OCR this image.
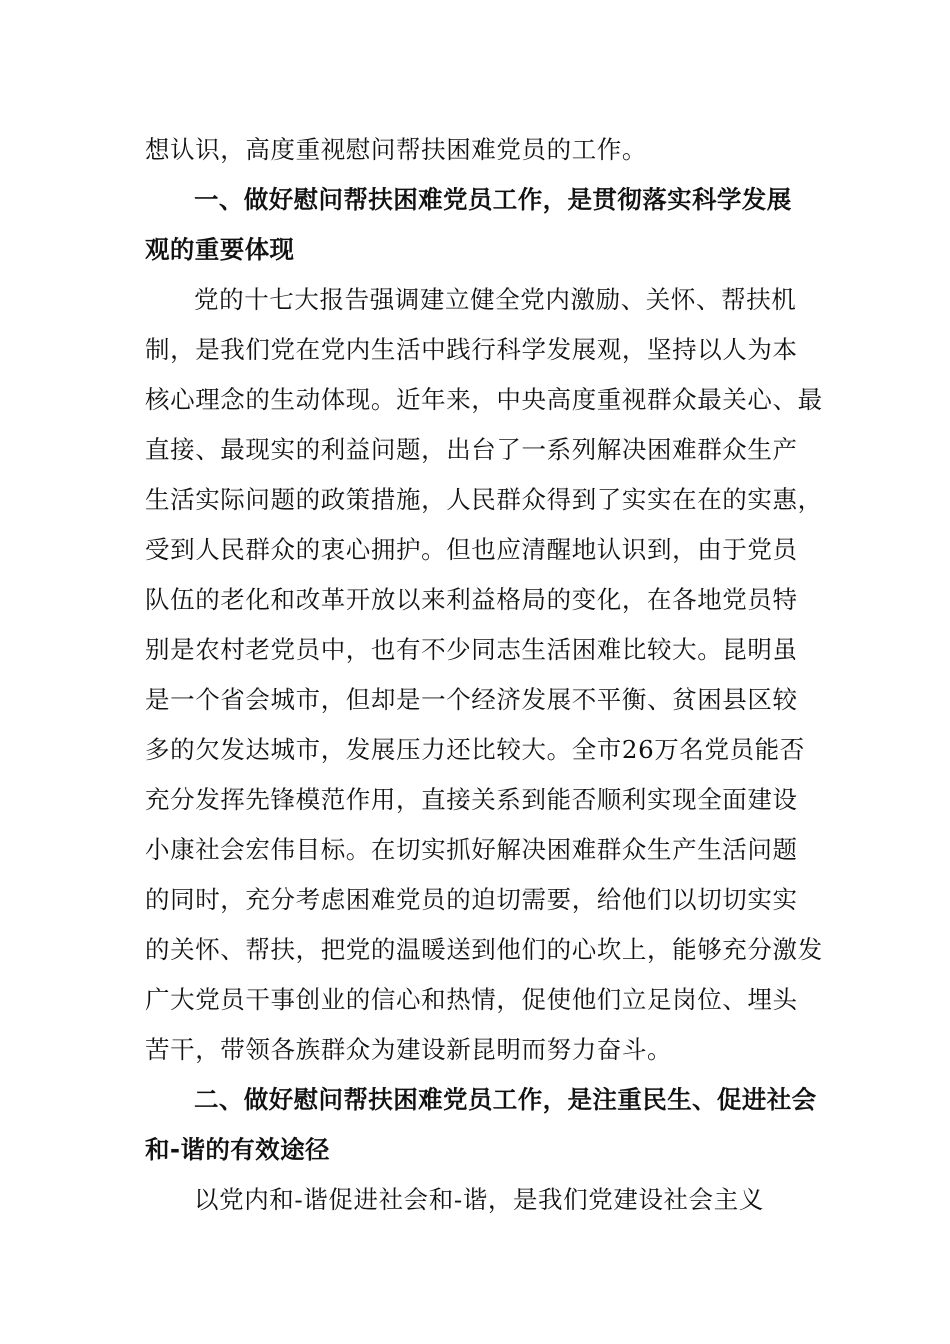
想认识，高度重视慰问帮扶困难党员的工作。
一、做好慰问帮扶困难党员工作，是贯彻落实科学发展
观的重要体现
党的十七大报告强调建立健全党内激励、关怀、帮扶机
制，是我们党在党内生活中践行科学发展观，坚持以人为本
核心理念的生动体现。近年来，中央高度重视群众最关心、最
直接、最现实的利益问题，出台了一系列解决困难群众生产
生活实际问题的政策措施，人民群众得到了实实在在的实惠，
受到人民群众的衷心拥护。但也应清醒地认识到，由于党员
队伍的老化和改革开放以来利益格局的变化，在各地党员特
别是农村老党员中，也有不少同志生活困难比较大。昆明虽
是一个省会城市，但却是一个经济发展不平衡、贫困县区较
多的欠发达城市，发展压力还比较大。全市26万名党员能否
充分发挥先锋模范作用，直接关系到能否顺利实现全面建设
小康社会宏伟目标。在切实抓好解决困难群众生产生活问题
的同时，充分考虑困难党员的迫切需要，给他们以切切实实
的关怀、帮扶，把党的温暖送到他们的心坎上，能够充分激发
广大党员干事创业的信心和热情，促使他们立足岗位、埋头
苦干，带领各族群众为建设新昆明而努力奋斗。
二、做好慰问帮扶困难党员工作，是注重民生、促进社会
和-谐的有效途径
以党内和-谐促进社会和-谐，是我们党建设社会主义
